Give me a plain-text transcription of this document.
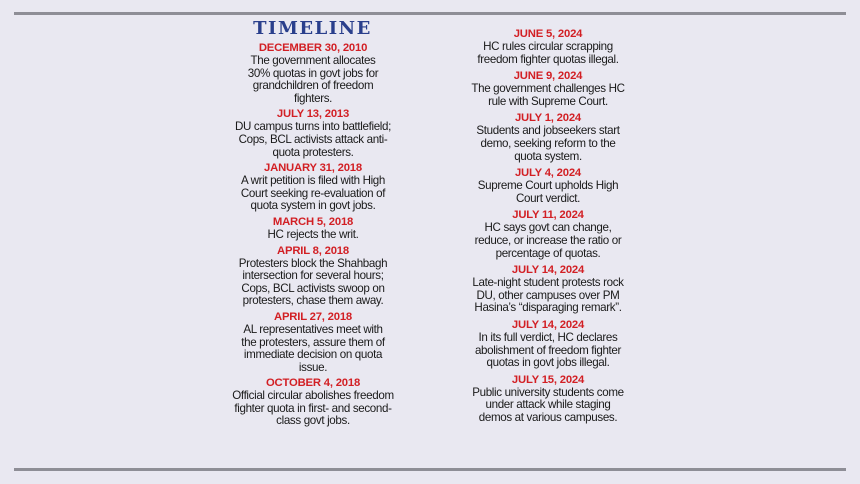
TIMELINE
DECEMBER 30, 2010
The government allocates
30% quotas in govt jobs for
grandchildren of freedom
fighters.
JULY 13, 2013
DU campus turns into battlefield;
Cops, BCL activists attack anti-
quota protesters.
JANUARY 31, 2018
A writ petition is filed with High
Court seeking re-evaluation of
quota system in govt jobs.
MARCH 5, 2018
HC rejects the writ.
APRIL 8, 2018
Protesters block the Shahbagh
intersection for several hours;
Cops, BCL activists swoop on
protesters, chase them away.
APRIL 27, 2018
AL representatives meet with
the protesters, assure them of
immediate decision on quota
issue.
OCTOBER 4, 2018
Official circular abolishes freedom
fighter quota in first- and second-
class govt jobs.
JUNE 5, 2024
HC rules circular scrapping
freedom fighter quotas illegal.
JUNE 9, 2024
The government challenges HC
rule with Supreme Court.
JULY 1, 2024
Students and jobseekers start
demo, seeking reform to the
quota system.
JULY 4, 2024
Supreme Court upholds High
Court verdict.
JULY 11, 2024
HC says govt can change,
reduce, or increase the ratio or
percentage of quotas.
JULY 14, 2024
Late-night student protests rock
DU, other campuses over PM
Hasina’s “disparaging remark”.
JULY 14, 2024
In its full verdict, HC declares
abolishment of freedom fighter
quotas in govt jobs illegal.
JULY 15, 2024
Public university students come
under attack while staging
demos at various campuses.
